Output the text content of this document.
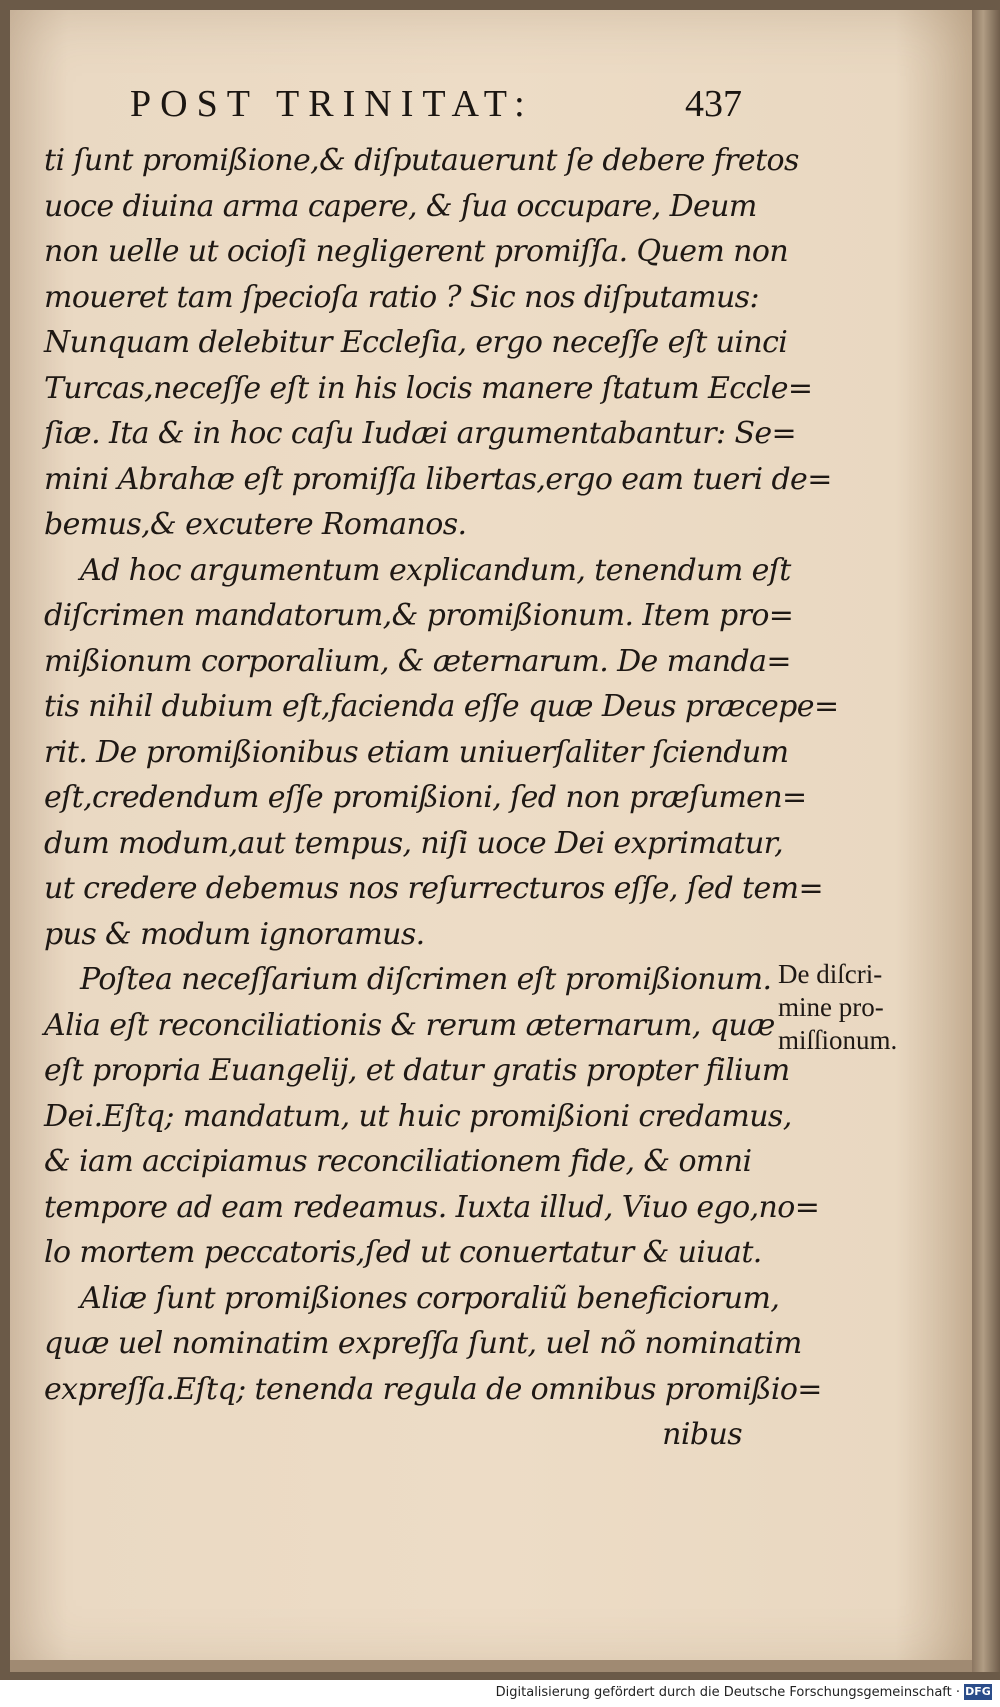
POST TRINITAT:	437
ti ſunt promißione,& diſputauerunt ſe debere fretos
uoce diuina arma capere, & ſua occupare, Deum
non uelle ut ocioſi negligerent promiſſa. Quem non
moueret tam ſpecioſa ratio ? Sic nos diſputamus:
Nunquam delebitur Eccleſia, ergo neceſſe eſt uinci
Turcas,neceſſe eſt in his locis manere ſtatum Eccle=
ſiæ. Ita & in hoc caſu Iudæi argumentabantur: Se=
mini Abrahæ eſt promiſſa libertas,ergo eam tueri de=
bemus,& excutere Romanos.
Ad hoc argumentum explicandum, tenendum eſt
diſcrimen mandatorum,& promißionum. Item pro=
mißionum corporalium, & æternarum. De manda=
tis nihil dubium eſt,facienda eſſe quæ Deus præcepe=
rit. De promißionibus etiam uniuerſaliter ſciendum
eſt,credendum eſſe promißioni, ſed non præſumen=
dum modum,aut tempus, niſi uoce Dei exprimatur,
ut credere debemus nos reſurrecturos eſſe, ſed tem=
pus & modum ignoramus.
Poſtea neceſſarium diſcrimen eſt promißionum.
Alia eſt reconciliationis & rerum æternarum, quæ
eſt propria Euangelij, et datur gratis propter filium
Dei.Eſtq; mandatum, ut huic promißioni credamus,
& iam accipiamus reconciliationem fide, & omni
tempore ad eam redeamus. Iuxta illud, Viuo ego,no=
lo mortem peccatoris,ſed ut conuertatur & uiuat.
Aliæ ſunt promißiones corporaliũ beneficiorum,
quæ uel nominatim expreſſa ſunt, uel nõ nominatim
expreſſa.Eſtq; tenenda regula de omnibus promißio=
nibus
De diſcri-
mine pro-
miſſionum.
Digitalisierung gefördert durch die Deutsche Forschungsgemeinschaft · DFG
